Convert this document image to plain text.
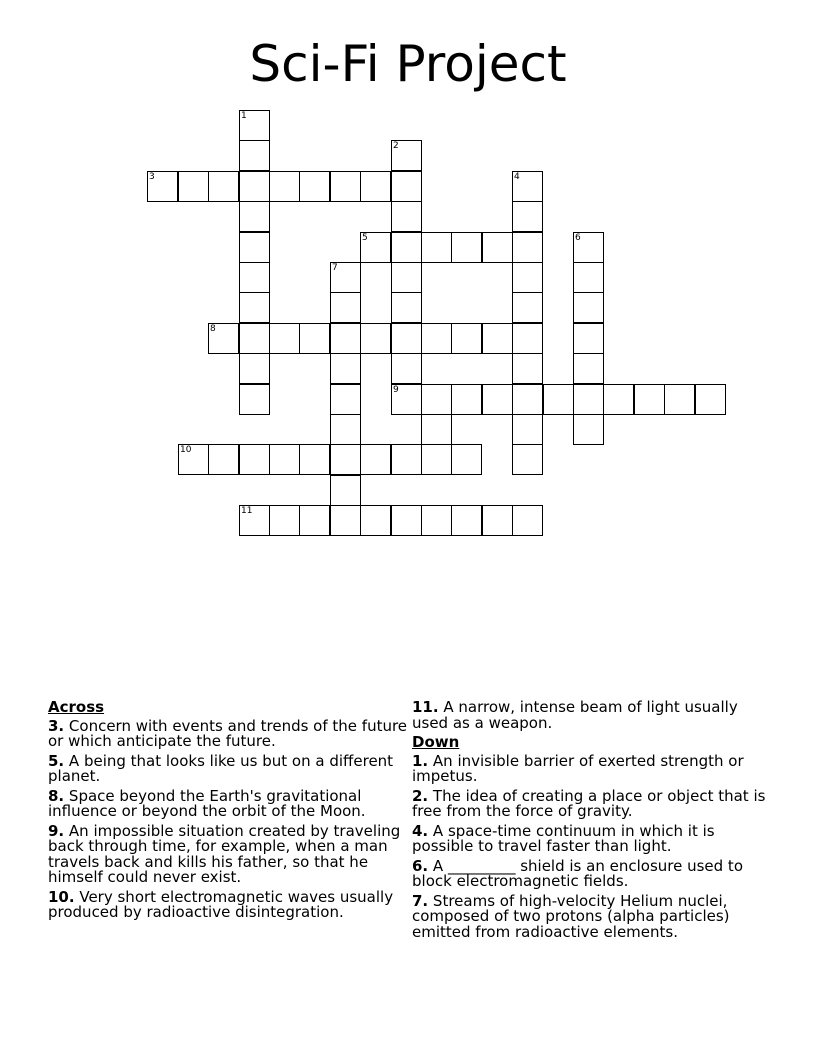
Sci-Fi Project
1
2
3	4
5	6
7
8
9
10
11
Across
3. Concern with events and trends of the future or which anticipate the future.
5. A being that looks like us but on a different planet.
8. Space beyond the Earth's gravitational influence or beyond the orbit of the Moon.
9. An impossible situation created by traveling back through time, for example, when a man travels back and kills his father, so that he himself could never exist.
10. Very short electromagnetic waves usually produced by radioactive disintegration.
11. A narrow, intense beam of light usually used as a weapon.
Down
1. An invisible barrier of exerted strength or impetus.
2. The idea of creating a place or object that is free from the force of gravity.
4. A space-time continuum in which it is possible to travel faster than light.
6. A _________ shield is an enclosure used to block electromagnetic fields.
7. Streams of high-velocity Helium nuclei, composed of two protons (alpha particles) emitted from radioactive elements.
